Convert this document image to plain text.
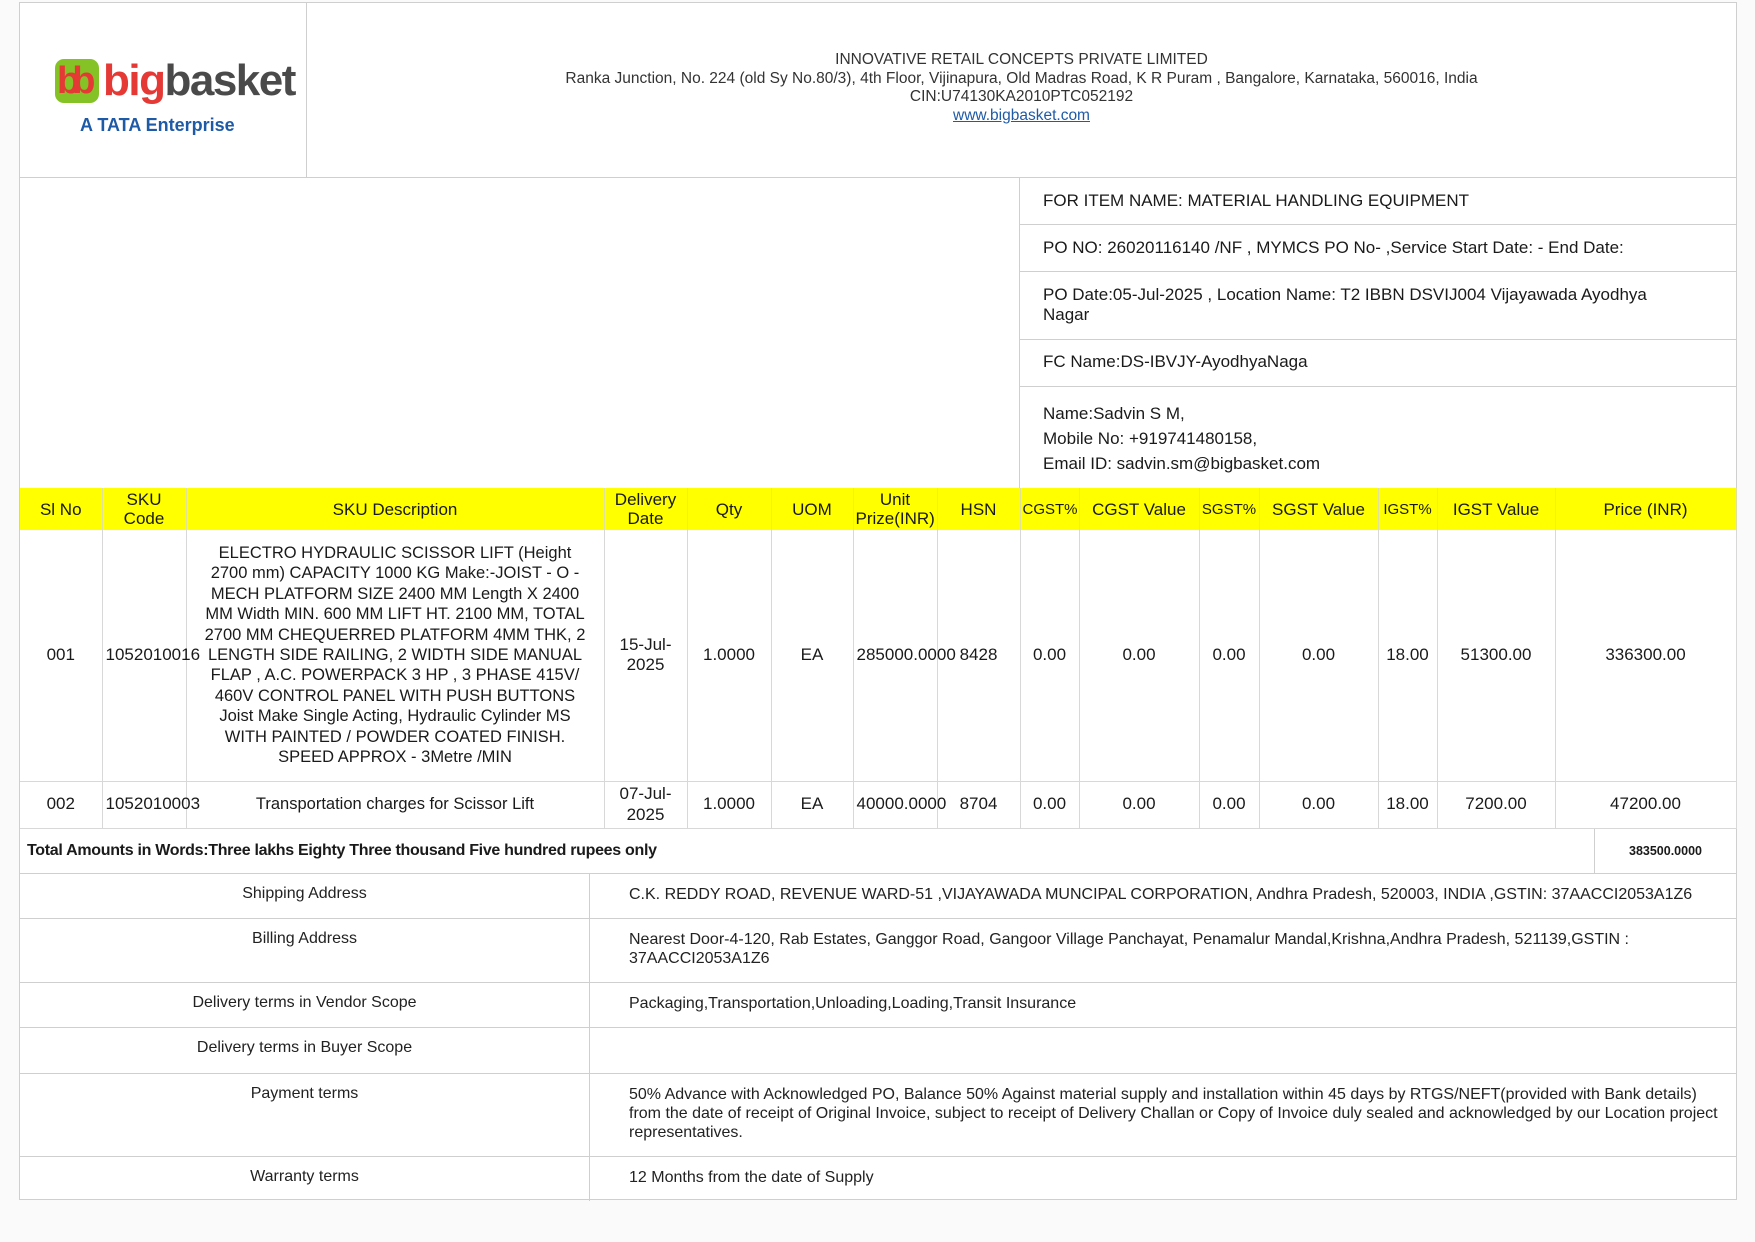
bb bigbasket
A TATA Enterprise
INNOVATIVE RETAIL CONCEPTS PRIVATE LIMITED
Ranka Junction, No. 224 (old Sy No.80/3), 4th Floor, Vijinapura, Old Madras Road, K R Puram , Bangalore, Karnataka, 560016, India
CIN:U74130KA2010PTC052192
www.bigbasket.com
FOR ITEM NAME: MATERIAL HANDLING EQUIPMENT
PO NO: 26020116140 /NF , MYMCS PO No- ,Service Start Date: - End Date:
PO Date:05-Jul-2025 , Location Name: T2 IBBN DSVIJ004 Vijayawada Ayodhya Nagar
FC Name:DS-IBVJY-AyodhyaNaga
Name:Sadvin S M,
Mobile No: +919741480158,
Email ID: sadvin.sm@bigbasket.com
Sl No	SKU Code	SKU Description	Delivery Date	Qty	UOM	Unit Prize(INR)	HSN	CGST%	CGST Value	SGST%	SGST Value	IGST%	IGST Value	Price (INR)
001	1052010016	ELECTRO HYDRAULIC SCISSOR LIFT (Height 2700 mm) CAPACITY 1000 KG Make:-JOIST - O - MECH PLATFORM SIZE 2400 MM Length X 2400 MM Width MIN. 600 MM LIFT HT. 2100 MM, TOTAL 2700 MM CHEQUERRED PLATFORM 4MM THK, 2 LENGTH SIDE RAILING, 2 WIDTH SIDE MANUAL FLAP , A.C. POWERPACK 3 HP , 3 PHASE 415V/ 460V CONTROL PANEL WITH PUSH BUTTONS Joist Make Single Acting, Hydraulic Cylinder MS WITH PAINTED / POWDER COATED FINISH. SPEED APPROX - 3Metre /MIN	15-Jul-2025	1.0000	EA	285000.0000	8428	0.00	0.00	0.00	0.00	18.00	51300.00	336300.00
002	1052010003	Transportation charges for Scissor Lift	07-Jul-2025	1.0000	EA	40000.0000	8704	0.00	0.00	0.00	0.00	18.00	7200.00	47200.00
Total Amounts in Words:Three lakhs Eighty Three thousand Five hundred rupees only	383500.0000
Shipping Address	C.K. REDDY ROAD, REVENUE WARD-51 ,VIJAYAWADA MUNCIPAL CORPORATION, Andhra Pradesh, 520003, INDIA ,GSTIN: 37AACCI2053A1Z6
Billing Address	Nearest Door-4-120, Rab Estates, Ganggor Road, Gangoor Village Panchayat, Penamalur Mandal,Krishna,Andhra Pradesh, 521139,GSTIN : 37AACCI2053A1Z6
Delivery terms in Vendor Scope	Packaging,Transportation,Unloading,Loading,Transit Insurance
Delivery terms in Buyer Scope
Payment terms	50% Advance with Acknowledged PO, Balance 50% Against material supply and installation within 45 days by RTGS/NEFT(provided with Bank details) from the date of receipt of Original Invoice, subject to receipt of Delivery Challan or Copy of Invoice duly sealed and acknowledged by our Location project representatives.
Warranty terms	12 Months from the date of Supply
